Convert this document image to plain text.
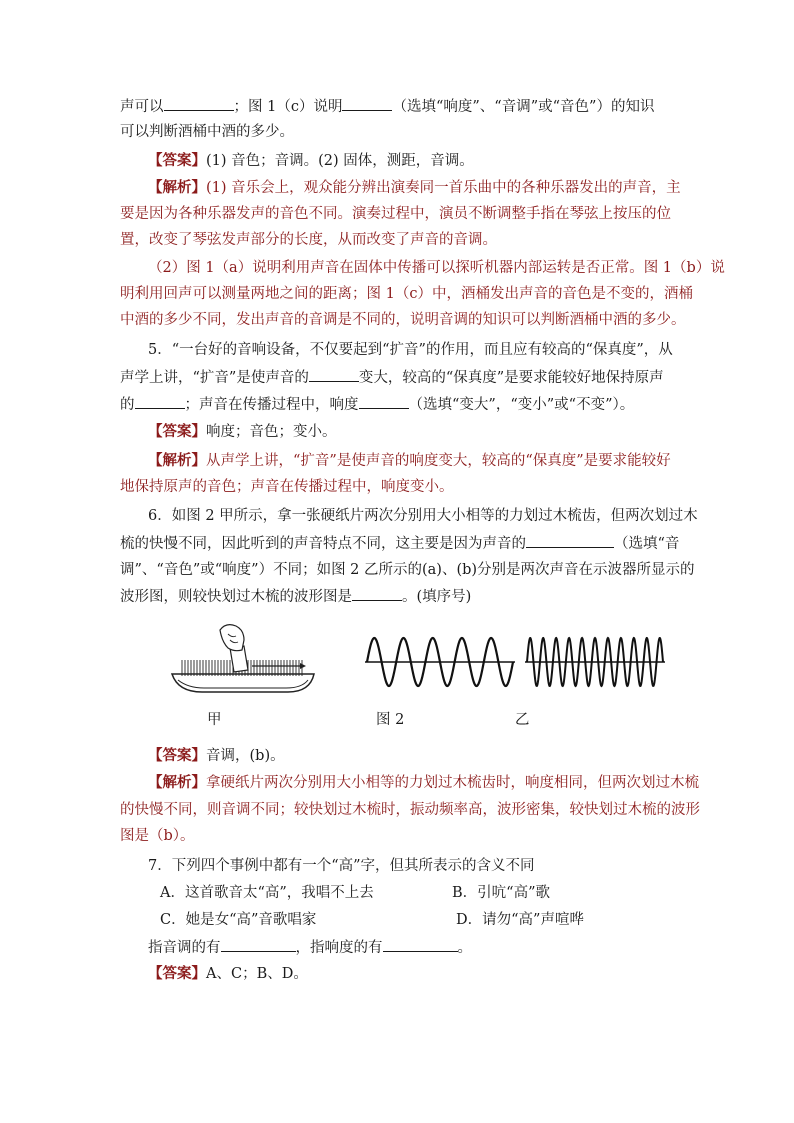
声可以	；图 1（c）说明	（选填“响度”、“音调”或“音色”）的知识
可以判断酒桶中酒的多少。
【答案】(1) 音色；音调。(2) 固体，测距，音调。
【解析】(1) 音乐会上，观众能分辨出演奏同一首乐曲中的各种乐器发出的声音，主
要是因为各种乐器发声的音色不同。演奏过程中，演员不断调整手指在琴弦上按压的位
置，改变了琴弦发声部分的长度，从而改变了声音的音调。
（2）图 1（a）说明利用声音在固体中传播可以探听机器内部运转是否正常。图 1（b）说
明利用回声可以测量两地之间的距离；图 1（c）中，酒桶发出声音的音色是不变的，酒桶
中酒的多少不同，发出声音的音调是不同的，说明音调的知识可以判断酒桶中酒的多少。
5．“一台好的音响设备，不仅要起到“扩音”的作用，而且应有较高的“保真度”，从
声学上讲，“扩音”是使声音的	变大，较高的“保真度”是要求能较好地保持原声
的	；声音在传播过程中，响度	（选填“变大”，“变小”或“不变”）。
【答案】响度；音色；变小。
【解析】从声学上讲，“扩音”是使声音的响度变大，较高的“保真度”是要求能较好
地保持原声的音色；声音在传播过程中，响度变小。
6．如图 2 甲所示，拿一张硬纸片两次分别用大小相等的力划过木梳齿，但两次划过木
梳的快慢不同，因此听到的声音特点不同，这主要是因为声音的	（选填“音
调”、“音色”或“响度”）不同；如图 2 乙所示的(a)、(b)分别是两次声音在示波器所显示的
波形图，则较快划过木梳的波形图是	。(填序号)
甲	图 2	乙
【答案】音调，(b)。
【解析】拿硬纸片两次分别用大小相等的力划过木梳齿时，响度相同，但两次划过木梳
的快慢不同，则音调不同；较快划过木梳时，振动频率高，波形密集，较快划过木梳的波形
图是（b）。
7．下列四个事例中都有一个“高”字，但其所表示的含义不同
A．这首歌音太“高”，我唱不上去	B．引吭“高”歌
C．她是女“高”音歌唱家	D．请勿“高”声喧哗
指音调的有	，指响度的有	。
【答案】A、C；B、D。
